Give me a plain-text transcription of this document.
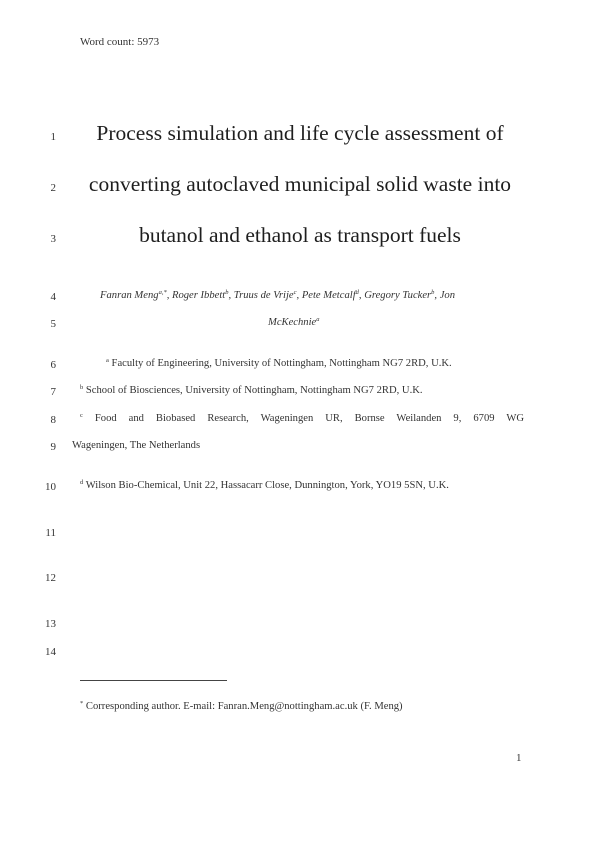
Word count: 5973
1
2
3
4
5
6
7
8
9
10
11
12
13
14
Process simulation and life cycle assessment of
converting autoclaved municipal solid waste into
butanol and ethanol as transport fuels
Fanran Meng$^{a,*}$, Roger Ibbett$^b$, Truus de Vrije$^c$, Pete Metcalf$^d$, Gregory Tucker$^b$, Jon
McKechnie$^a$
$^a$ Faculty of Engineering, University of Nottingham, Nottingham NG7 2RD, U.K.
$^b$ School of Biosciences, University of Nottingham, Nottingham NG7 2RD, U.K.
$^c$ Food and Biobased Research, Wageningen UR, Bornse Weilanden 9, 6709 WG
Wageningen, The Netherlands
$^d$ Wilson Bio-Chemical, Unit 22, Hassacarr Close, Dunnington, York, YO19 5SN, U.K.
* Corresponding author. E-mail: Fanran.Meng@nottingham.ac.uk (F. Meng)
1
